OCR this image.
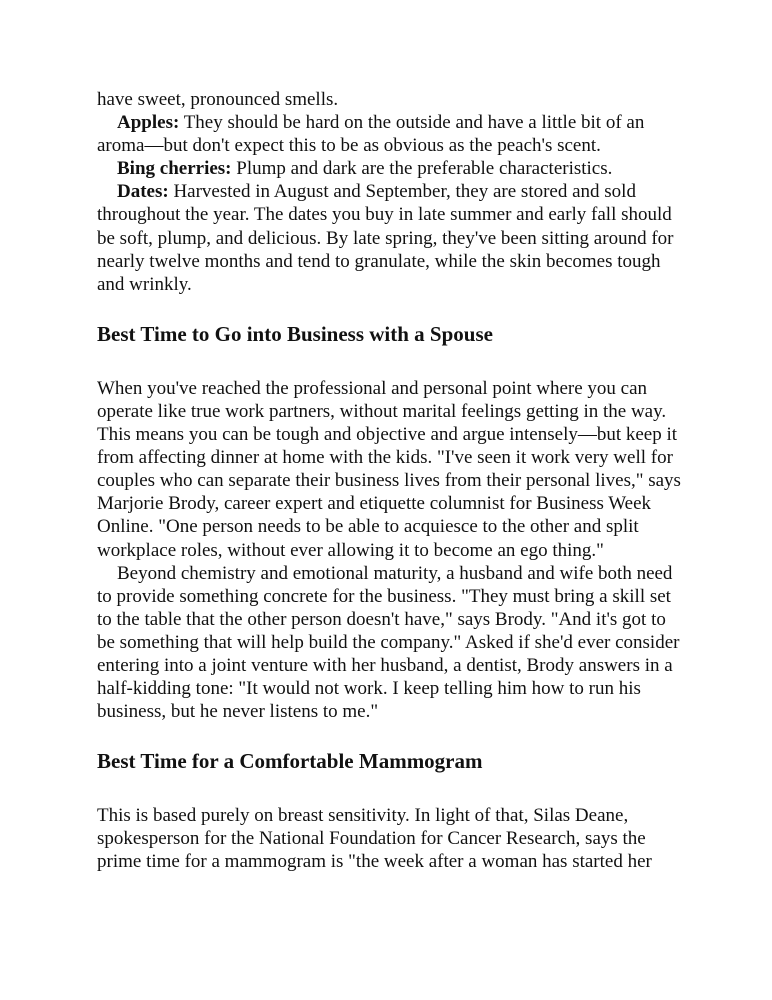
have sweet, pronounced smells.

Apples: They should be hard on the outside and have a little bit of an aroma—but don't expect this to be as obvious as the peach's scent.

Bing cherries: Plump and dark are the preferable characteristics.

Dates: Harvested in August and September, they are stored and sold throughout the year. The dates you buy in late summer and early fall should be soft, plump, and delicious. By late spring, they've been sitting around for nearly twelve months and tend to granulate, while the skin becomes tough and wrinkly.

Best Time to Go into Business with a Spouse

When you've reached the professional and personal point where you can operate like true work partners, without marital feelings getting in the way. This means you can be tough and objective and argue intensely—but keep it from affecting dinner at home with the kids. "I've seen it work very well for couples who can separate their business lives from their personal lives," says Marjorie Brody, career expert and etiquette columnist for Business Week Online. "One person needs to be able to acquiesce to the other and split workplace roles, without ever allowing it to become an ego thing."

Beyond chemistry and emotional maturity, a husband and wife both need to provide something concrete for the business. "They must bring a skill set to the table that the other person doesn't have," says Brody. "And it's got to be something that will help build the company." Asked if she'd ever consider entering into a joint venture with her husband, a dentist, Brody answers in a half-kidding tone: "It would not work. I keep telling him how to run his business, but he never listens to me."

Best Time for a Comfortable Mammogram

This is based purely on breast sensitivity. In light of that, Silas Deane, spokesperson for the National Foundation for Cancer Research, says the prime time for a mammogram is "the week after a woman has started her
